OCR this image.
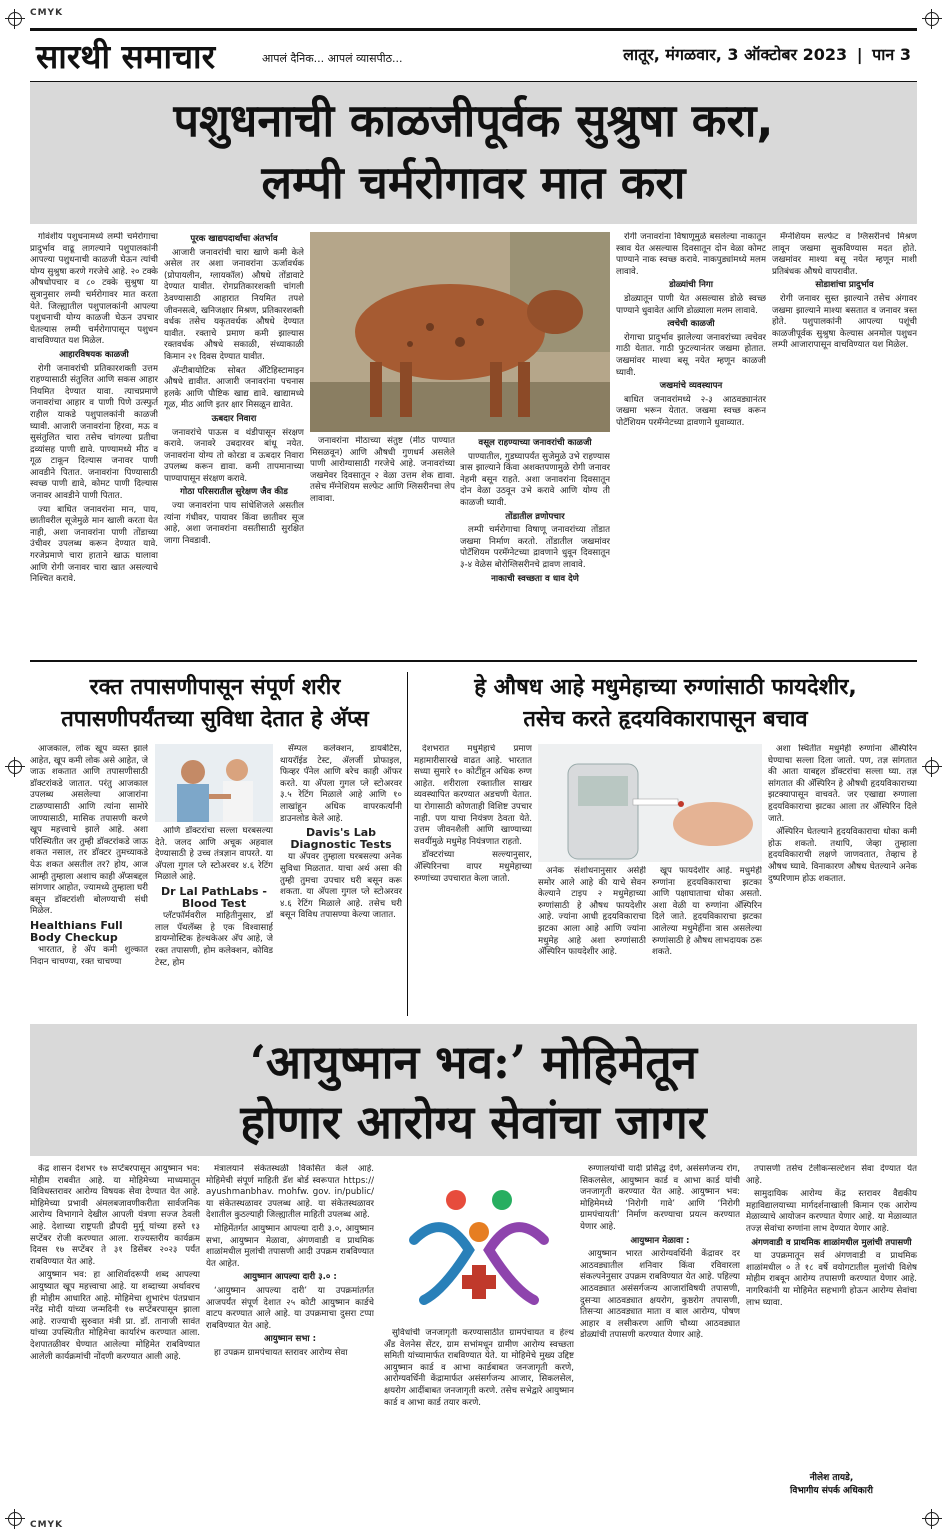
CMYK
CMYK
सारथी समाचार	आपलं दैनिक... आपलं व्यासपीठ...	लातूर, मंगळवार, 3 ऑक्टोबर 2023 | पान 3
पशुधनाची काळजीपूर्वक सुश्रुषा करा,
लम्पी चर्मरोगावर मात करा

गोवंशीय पशुधनामध्ये लम्पी चर्मरोगाचा प्रादुर्भाव वाढू लागल्याने पशुपालकांनी आपल्या पशुधनाची काळजी घेऊन त्यांची योग्य सुश्रुषा करणे गरजेचे आहे. २० टक्के औषधोपचार व ८० टक्के सुश्रुषा या सुत्रानुसार लम्पी चर्मरोगावर मात करता येते. जिल्ह्यातील पशुपालकांनी आपल्या पशुधनाची योग्य काळजी घेऊन उपचार घेतल्यास लम्पी चर्मरोगापासून पशुधन वाचविण्यात यश मिळेल.

आहारविषयक काळजी

रोगी जनावरांची प्रतिकारशक्ती उत्तम राहण्यासाठी संतुलित आणि सकस आहार नियमित देण्यात यावा. त्याचप्रमाणे जनावरांचा आहार व पाणी पिणे उत्स्फुर्त राहील याकडे पशुपालकांनी काळजी घ्यावी. आजारी जनावरांना हिरवा, मऊ व सुसंतुलित चारा तसेच चांगल्या प्रतीचा द्रव्यांसह पाणी द्यावे. पाण्यामध्ये मीठ व गूळ टाकून दिल्यास जनावर पाणी आवडीने पितात. जनावरांना पिण्यासाठी स्वच्छ पाणी द्यावे, कोमट पाणी दिल्यास जनावर आवडीने पाणी पितात.

ज्या बाधित जनावरांना मान, पाय, छातीवरील सूजेमुळे मान खाली करता येत नाही, अशा जनावरांना पाणी तोंडाच्या उंचीवर उपलब्ध करून देण्यात यावे. गरजेप्रमाणे चारा हाताने खाऊ घालावा आणि रोगी जनावर चारा खात असल्याचे निश्चित करावे.

पूरक खाद्यपदार्थांचा अंतर्भाव

आजारी जनावरांची चारा खाणे कमी केले असेल तर अशा जनावरांना ऊर्जावर्धक (प्रोपायलीन, ग्लायकॉल) औषधे तोंडावाटे देण्यात यावीत. रोगप्रतिकारशक्ती चांगली ठेवण्यासाठी आहारात नियमित तपशे जीवनसत्वे, खनिजक्षार मिश्रण, प्रतिकारशक्ती वर्धक तसेच यकृतवर्धक औषधे देण्यात यावीत. रक्ताचे प्रमाण कमी झाल्यास रक्तवर्धक औषधे सकाळी, संध्याकाळी किमान २१ दिवस देण्यात यावीत.

अ‍ॅन्टीबायोटिक सोबत अँटिहिस्टामाइन औषधे द्यावीत. आजारी जनावरांना पचनास हलके आणि पौष्टिक खाद्य द्यावे. खाद्यामध्ये गूळ, मीठ आणि इतर क्षार मिसळून द्यावेत.

ऊबदार निवारा

जनावरांचे पाऊस व थंडीपासून संरक्षण करावे. जनावरे उबदारवर बांधू नयेत. जनावरांना योग्य तो कोरडा व ऊबदार निवारा उपलब्ध करून द्यावा. कमी तापमानाच्या पाण्यापासून संरक्षण करावे.

गोठा परिसरातील सुरेक्षण जैव कीड

ज्या जनावरांना पाय सांधेशिजले असतील त्यांना गंधीवर, पायावर किंवा छातीवर सूज आहे, अशा जनावरांना वसतीसाठी सुरक्षित जागा निवडावी.

जनावरांना मीठाच्या संतुष्ट (मीठ पाण्यात मिसळवून) आणि औषधी गुणधर्म असलेले पाणी आरोग्यासाठी गरजेचे आहे. जनावरांच्या जखमेवर दिवसातून २ वेळा उत्तम शेक द्यावा. तसेच मॅग्नेशियम सल्फेट आणि ग्लिसरीनचा लेप लावावा.

वसूल राहण्याच्या जनावरांची काळजी

पाण्यातील, गुडघ्यापर्यंत सुजेमुळे उभे राहण्यास त्रास झाल्याने किंवा अशक्तपणामुळे रोगी जनावर नेहमी बसून राहते. अशा जनावरांना दिवसातून दोन वेळा उठवून उभे करावे आणि योग्य ती काळजी घ्यावी.

तोंडातील व्रणोपचार

लम्पी चर्मरोगाचा विषाणू जनावरांच्या तोंडात जखमा निर्माण करतो. तोंडातील जखमांवर पोटॅशियम परमॅग्नेटच्या द्रावणाने धुवून दिवसातून ३-४ वेळेस बोरोग्लिसरीनचे द्रावण लावावे.

नाकाची स्वच्छता व धाव देणे

रोगी जनावरांना विषाणूमुळे बसलेल्या नाकातून स्त्राव येत असल्यास दिवसातून दोन वेळा कोमट पाण्याने नाक स्वच्छ करावे. नाकपुड्यांमध्ये मलम लावावे.

डोळ्यांची निगा

डोळ्यातून पाणी येत असल्यास डोळे स्वच्छ पाण्याने धुवावेत आणि डोळ्याला मलम लावावे.

त्वचेची काळजी

रोगाचा प्रादुर्भाव झालेल्या जनावरांच्या त्वचेवर गाठी येतात. गाठी फुटल्यानंतर जखमा होतात. जखमांवर माश्या बसू नयेत म्हणून काळजी घ्यावी.

जखमांचे व्यवस्थापन

बाधित जनावरांमध्ये २-३ आठवड्यानंतर जखमा भरून येतात. जखमा स्वच्छ करून पोटॅशियम परमॅग्नेटच्या द्रावणाने धुवाव्यात.

मॅग्नेशियम सल्फेट व ग्लिसरीनचे मिश्रण लावून जखमा सुकविण्यास मदत होते. जखमांवर माश्या बसू नयेत म्हणून माशी प्रतिबंधक औषधे वापरावीत.

सोडाशांचा प्रादुर्भाव

रोगी जनावर सुस्त झाल्याने तसेच अंगावर जखमा झाल्याने माश्या बसतात व जनावर त्रस्त होते. पशुपालकांनी आपल्या पशूंची काळजीपूर्वक सुश्रुषा केल्यास अनमोल पशुधन लम्पी आजारापासून वाचविण्यात यश मिळेल.

रक्त तपासणीपासून संपूर्ण शरीर
तपासणीपर्यंतच्या सुविधा देतात हे अ‍ॅप्स

आजकाल, लोक खूप व्यस्त झाले आहेत, खूप कमी लोक असे आहेत, जे जाऊ शकतात आणि तपासणीसाठी डॉक्टरांकडे जातात. परंतु आजकाल उपलब्ध असलेल्या आजारांना टाळण्यासाठी आणि त्यांना सामोरे जाण्यासाठी, मासिक तपासणी करणे खूप महत्त्वाचे झाले आहे. अशा परिस्थितीत जर तुम्ही डॉक्टरांकडे जाऊ शकत नसाल, तर डॉक्टर तुमच्याकडे येऊ शकत असतील तर? होय, आज आम्ही तुम्हाला अशाच काही अ‍ॅप्सबद्दल सांगणार आहोत, ज्यामध्ये तुम्हाला घरी बसून डॉक्टरांशी बोलण्याची संधी मिळेल.

Healthians Full Body Checkup

भारतात, हे अ‍ॅप कमी शुल्कात निदान चाचण्या, रक्त चाचण्या

आणि डॉक्टरांचा सल्ला घरबसल्या देते. जलद आणि अचूक अहवाल देण्यासाठी हे उच्च तंत्रज्ञान वापरते. या अ‍ॅपला गुगल प्ले स्टोअरवर ४.६ रेटिंग मिळाले आहे.

Dr Lal PathLabs - Blood Test

प्लॅटफॉर्मवरील माहितीनुसार, डॉ लाल पॅथलॅब्स हे एक विश्वासार्ह डायग्नोस्टिक हेल्थकेअर अ‍ॅप आहे, जे रक्त तपासणी, होम कलेक्शन, कोविड टेस्ट, होम

सॅम्पल कलेक्शन, डायबेटिस, थायरॉईड टेस्ट, ॲलर्जी प्रोफाइल, फिव्हर पॅनेल आणि बरेच काही ऑफर करते. या अ‍ॅपला गुगल प्ले स्टोअरवर ३.५ रेटिंग मिळाले आहे आणि १० लाखांहून अधिक वापरकर्त्यांनी डाउनलोड केले आहे.

Davis's Lab Diagnostic Tests

या अ‍ॅपवर तुम्हाला घरबसल्या अनेक सुविधा मिळतात. याचा अर्थ असा की तुम्ही तुमचा उपचार घरी बसून करू शकता. या अ‍ॅपला गुगल प्ले स्टोअरवर ४.६ रेटिंग मिळाले आहे. तसेच घरी बसून विविध तपासण्या केल्या जातात.

हे औषध आहे मधुमेहाच्या रुग्णांसाठी फायदेशीर,
तसेच करते हृदयविकारापासून बचाव

देशभरात मधुमेहाचे प्रमाण महामारीसारखे वाढत आहे. भारतात सध्या सुमारे १० कोटींहून अधिक रुग्ण आहेत. शरीराला रक्तातील साखर व्यवस्थापित करण्यात अडचणी येतात. या रोगासाठी कोणताही विशिष्ट उपचार नाही. पण याचा नियंत्रण ठेवता येते. उत्तम जीवनशैली आणि खाण्याच्या सवयींमुळे मधुमेह नियंत्रणात राहतो.

डॉक्टरांच्या सल्ल्यानुसार, अ‍ॅस्पिरिनचा वापर मधुमेहाच्या रुग्णांच्या उपचारात केला जातो.

अनेक संशोधनानुसार असेही समोर आले आहे की याचे सेवन केल्याने टाइप २ मधुमेहाच्या रुग्णांसाठी हे औषध फायदेशीर आहे. ज्यांना आधी हृदयविकाराचा झटका आला आहे आणि ज्यांना मधुमेह आहे अशा रुग्णांसाठी अ‍ॅस्पिरिन फायदेशीर आहे.

खूप फायदेशीर आहे. मधुमेही रुग्णांना हृदयविकाराचा झटका आणि पक्षाघाताचा धोका असतो. अशा वेळी या रुग्णांना अ‍ॅस्पिरिन दिले जाते. हृदयविकाराचा झटका आलेल्या मधुमेहींना त्रास असलेल्या रुग्णांसाठी हे औषध लाभदायक ठरू शकते.

अशा स्थितीत मधुमेही रुग्णांना अ‍ॅस्पिरिन घेण्याचा सल्ला दिला जातो. पण, तज्ञ सांगतात की आता याबद्दल डॉक्टरांचा सल्ला घ्या. तज्ञ सांगतात की अ‍ॅस्पिरिन हे औषधी हृदयविकाराच्या झटक्यापासून वाचवते. जर एखाद्या रुग्णाला हृदयविकाराचा झटका आला तर अ‍ॅस्पिरिन दिले जाते.

अ‍ॅस्पिरिन घेतल्याने हृदयविकाराचा धोका कमी होऊ शकतो. तथापि, जेव्हा तुम्हाला हृदयविकाराची लक्षणे जाणवतात, तेव्हाच हे औषध घ्यावे. विनाकारण औषध घेतल्याने अनेक दुष्परिणाम होऊ शकतात.

‘आयुष्मान भव:’ मोहिमेतून
होणार आरोग्य सेवांचा जागर

केंद्र शासन देशभर १७ सप्टेंबरपासून आयुष्मान भव: मोहीम राबवीत आहे. या मोहिमेच्या माध्यमातून विविधस्तरावर आरोग्य विषयक सेवा देण्यात येत आहे. मोहिमेच्या प्रभावी अंमलबजावणीकरीता सार्वजनिक आरोग्य विभागाने देखील आपली यंत्रणा सज्ज ठेवली आहे. देशाच्या राष्ट्रपती द्रौपदी मुर्मू यांच्या हस्ते १३ सप्टेंबर रोजी करण्यात आला. राज्यस्तरीय कार्यक्रम दिवस १७ सप्टेंबर ते ३१ डिसेंबर २०२३ पर्यंत राबविण्यात येत आहे.

आयुष्मान भव: हा आशिर्वादरूपी शब्द आपल्या आयुष्यात खूप महत्त्वाचा आहे. या शब्दाच्या अर्थावरच ही मोहीम आधारित आहे. मोहिमेचा शुभारंभ पंतप्रधान नरेंद्र मोदी यांच्या जन्मदिनी १७ सप्टेंबरपासून झाला आहे. राज्याची सुरुवात मंत्री प्रा. डॉ. तानाजी सावंत यांच्या उपस्थितीत मोहिमेचा कार्यारंभ करण्यात आला. देशपातळीवर घेण्यात आलेल्या मोहिमेत राबविण्यात आलेली कार्यक्रमांची नोंदणी करण्यात आली आहे.

मंत्रालयाने संकेतस्थळी विकसित केले आहे. मोहिमेची संपूर्ण माहिती डॅश बोर्ड स्वरूपात https:// ayushmanbhav. mohfw. gov. in/public/ या संकेतस्थळावर उपलब्ध आहे. या संकेतस्थळावर देशातील कुठल्याही जिल्ह्यातील माहिती उपलब्ध आहे.

मोहिमेंतर्गत आयुष्मान आपल्या दारी ३.०, आयुष्मान सभा, आयुष्मान मेळावा, अंगणवाडी व प्राथमिक शाळांमधील मुलांची तपासणी आदी उपक्रम राबविण्यात येत आहेत.

आयुष्मान आपल्या दारी ३.० :

‘आयुष्मान आपल्या दारी’ या उपक्रमांतर्गत आजपर्यंत संपूर्ण देशात २५ कोटी आयुष्मान कार्डचे वाटप करण्यात आले आहे. या उपक्रमाचा दुसरा टप्पा राबविण्यात येत आहे.

आयुष्मान सभा :

हा उपक्रम ग्रामपंचायत स्तरावर आरोग्य सेवा

सुविधांची जनजागृती करण्यासाठीत ग्रामपंचायत व हेल्थ अँड वेलनेस सेंटर, ग्राम सभांमधून ग्रामीण आरोग्य स्वच्छता समिती यांच्यामार्फत राबविण्यात येते. या मोहिमेचे मुख्य उद्दिष्ट आयुष्मान कार्ड व आभा कार्डबाबत जनजागृती करणे, आरोग्यवर्धिनी केंद्रामार्फत असंसर्गजन्य आजार, सिकलसेल, क्षयरोग आदींबाबत जनजागृती करणे. तसेच सभेद्वारे आयुष्मान कार्ड व आभा कार्ड तयार करणे.

रुग्णालयांची यादी प्रसिद्ध देणे, असंसर्गजन्य रोग, सिकलसेल, आयुष्मान कार्ड व आभा कार्ड यांची जनजागृती करण्यात येत आहे. आयुष्मान भव: मोहिमेमध्ये ‘निरोगी गावे’ आणि ‘निरोगी ग्रामपंचायती’ निर्माण करण्याचा प्रयत्न करण्यात येणार आहे.

आयुष्मान मेळावा :

आयुष्मान भारत आरोग्यवर्धिनी केंद्रावर दर आठवड्यातील शनिवार किंवा रविवारला संकल्पनेनुसार उपक्रम राबविण्यात येत आहे. पहिल्या आठवड्यात असंसर्गजन्य आजारांविषयी तपासणी, दुसऱ्या आठवड्यात क्षयरोग, कुष्ठरोग तपासणी, तिसऱ्या आठवड्यात माता व बाल आरोग्य, पोषण आहार व लसीकरण आणि चौथ्या आठवड्यात डोळ्यांची तपासणी करण्यात येणार आहे.

तपासणी तसेच टेलीकन्सल्टेशन सेवा देण्यात येत आहे.

सामुदायिक आरोग्य केंद्र स्तरावर वैद्यकीय महाविद्यालयाच्या मार्गदर्शनाखाली किमान एक आरोग्य मेळाव्याचे आयोजन करण्यात येणार आहे. या मेळाव्यात तज्ज्ञ सेवांचा रुग्णांना लाभ देण्यात येणार आहे.

अंगणवाडी व प्राथमिक शाळांमधील मुलांची तपासणी

या उपक्रमातून सर्व अंगणवाडी व प्राथमिक शाळांमधील ० ते १८ वर्षे वयोगटातील मुलांची विशेष मोहीम राबवून आरोग्य तपासणी करण्यात येणार आहे. नागरिकांनी या मोहिमेत सहभागी होऊन आरोग्य सेवांचा लाभ घ्यावा.

नीलेश तायडे,
विभागीय संपर्क अधिकारी
